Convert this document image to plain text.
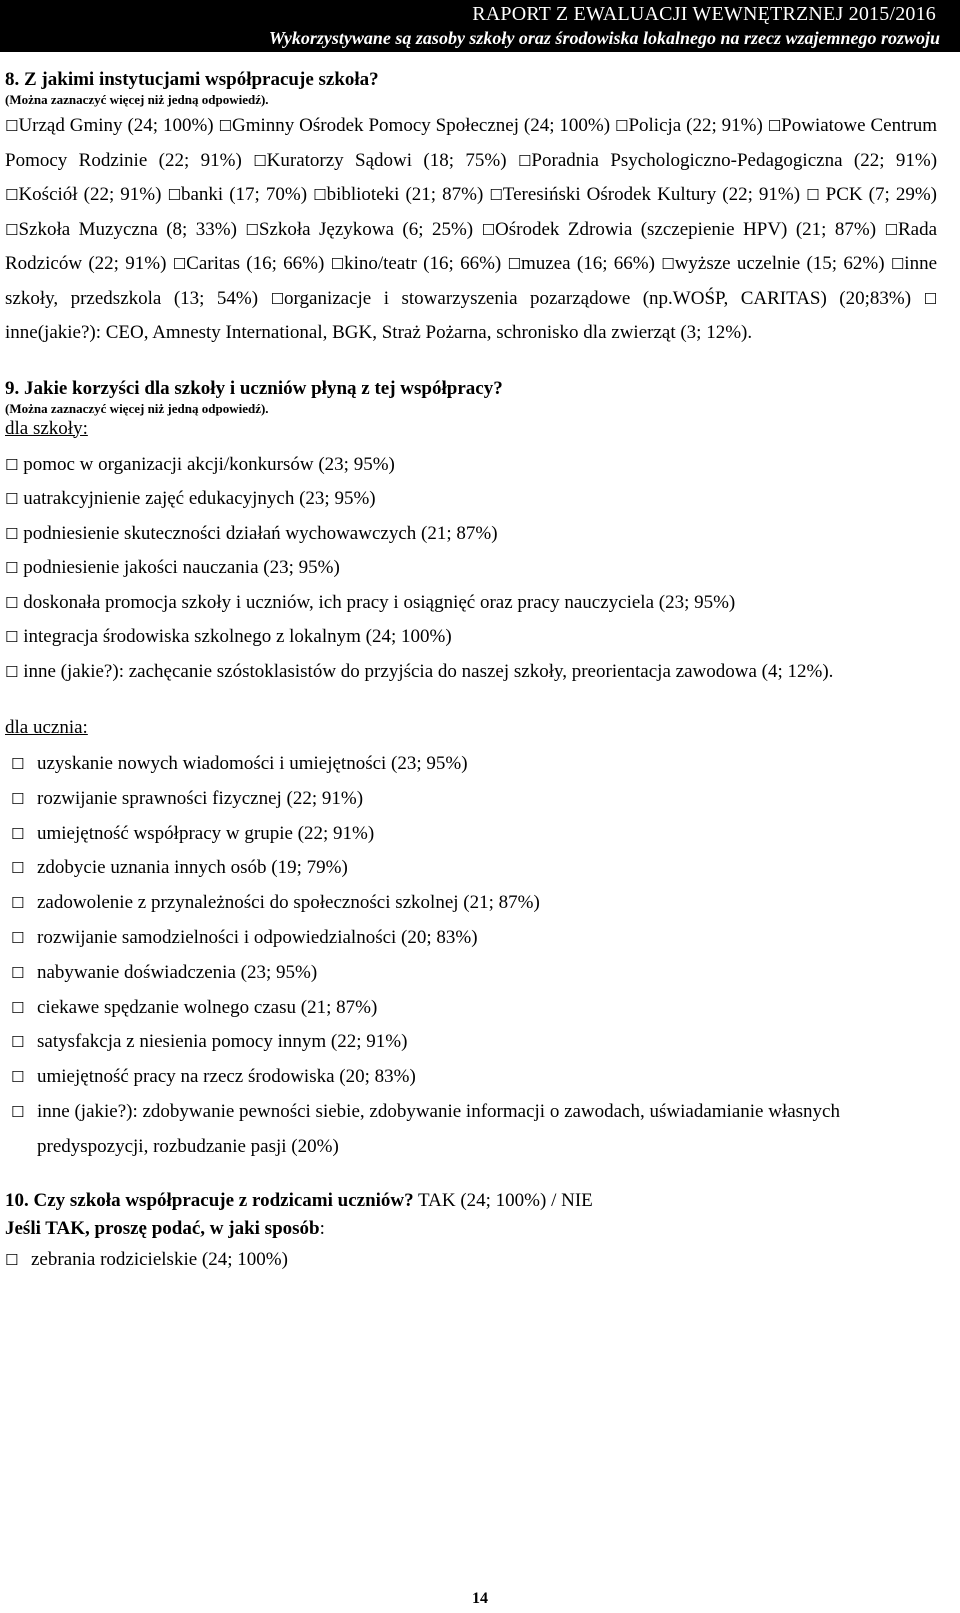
RAPORT Z EWALUACJI WEWNĘTRZNEJ 2015/2016
Wykorzystywane są zasoby szkoły oraz środowiska lokalnego na rzecz wzajemnego rozwoju
8. Z jakimi instytucjami współpracuje szkoła?
(Można zaznaczyć więcej niż jedną odpowiedź).
☐Urząd Gminy (24; 100%) ☐Gminny Ośrodek Pomocy Społecznej (24; 100%) ☐Policja (22; 91%) ☐Powiatowe Centrum Pomocy Rodzinie (22; 91%) ☐Kuratorzy Sądowi (18; 75%) ☐Poradnia Psychologiczno-Pedagogiczna (22; 91%) ☐Kościół (22; 91%) ☐banki (17; 70%) ☐biblioteki (21; 87%) ☐Teresiński Ośrodek Kultury (22; 91%) ☐ PCK (7; 29%) ☐Szkoła Muzyczna (8; 33%) ☐Szkoła Językowa (6; 25%) ☐Ośrodek Zdrowia (szczepienie HPV) (21; 87%) ☐Rada Rodziców (22; 91%) ☐Caritas (16; 66%) ☐kino/teatr (16; 66%) ☐muzea (16; 66%) ☐wyższe uczelnie (15; 62%) ☐inne szkoły, przedszkola (13; 54%) ☐organizacje i stowarzyszenia pozarządowe (np.WOŚP, CARITAS) (20;83%) ☐ inne(jakie?): CEO, Amnesty International, BGK, Straż Pożarna, schronisko dla zwierząt (3; 12%).
9. Jakie korzyści dla szkoły i uczniów płyną z tej współpracy?
(Można zaznaczyć więcej niż jedną odpowiedź).
dla szkoły:
☐ pomoc w organizacji akcji/konkursów (23; 95%)
☐ uatrakcyjnienie zajęć edukacyjnych (23; 95%)
☐ podniesienie skuteczności działań wychowawczych (21; 87%)
☐ podniesienie jakości nauczania (23; 95%)
☐ doskonała promocja szkoły i uczniów, ich pracy i osiągnięć oraz pracy nauczyciela (23; 95%)
☐ integracja środowiska szkolnego z lokalnym (24; 100%)
☐ inne (jakie?): zachęcanie szóstoklasistów do przyjścia do naszej szkoły, preorientacja zawodowa (4; 12%).
dla ucznia:
☐ uzyskanie nowych wiadomości i umiejętności (23; 95%)
☐ rozwijanie sprawności fizycznej (22; 91%)
☐ umiejętność współpracy w grupie (22; 91%)
☐ zdobycie uznania innych osób (19; 79%)
☐ zadowolenie z przynależności do społeczności szkolnej (21; 87%)
☐ rozwijanie samodzielności i odpowiedzialności (20; 83%)
☐ nabywanie doświadczenia (23; 95%)
☐ ciekawe spędzanie wolnego czasu (21; 87%)
☐ satysfakcja z niesienia pomocy innym (22; 91%)
☐ umiejętność pracy na rzecz środowiska (20; 83%)
☐ inne (jakie?): zdobywanie pewności siebie, zdobywanie informacji o zawodach, uświadamianie własnych predyspozycji, rozbudzanie pasji (20%)
10. Czy szkoła współpracuje z rodzicami uczniów? TAK (24; 100%) / NIE
Jeśli TAK, proszę podać, w jaki sposób:
☐ zebrania rodzicielskie (24; 100%)
14
